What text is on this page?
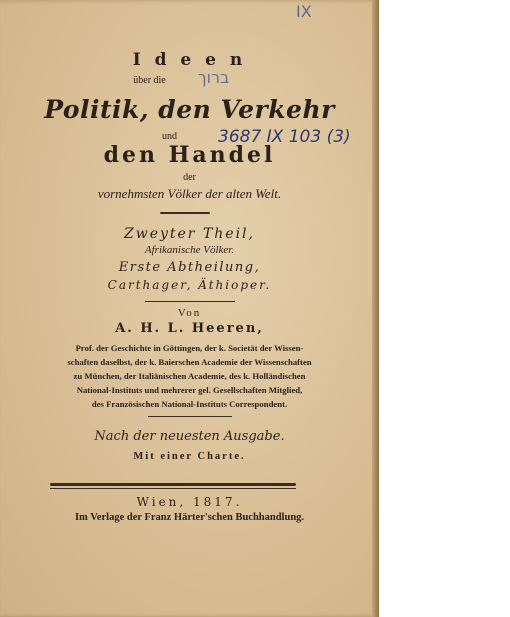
IX
ברוך
3687 IX 103 (3)
I d e e n
über die
Politik, den Verkehr
und
den Handel
der
vornehmsten Völker der alten Welt.
Zweyter Theil,
Afrikanische Völker.
Erste Abtheilung,
Carthager, Äthioper.
Von
A. H. L. Heeren,
Prof. der Geschichte in Göttingen, der k. Societät der Wissen-
schaften daselbst, der k. Baierschen Academie der Wissenschaften
zu München, der Italiänischen Academie, des k. Holländischen
National-Instituts und mehrerer gel. Gesellschaften Mitglied,
des Französischen National-Instituts Correspondent.
Nach der neuesten Ausgabe.
Mit einer Charte.
Wien, 1817.
Im Verlage der Franz Härter'schen Buchhandlung.
